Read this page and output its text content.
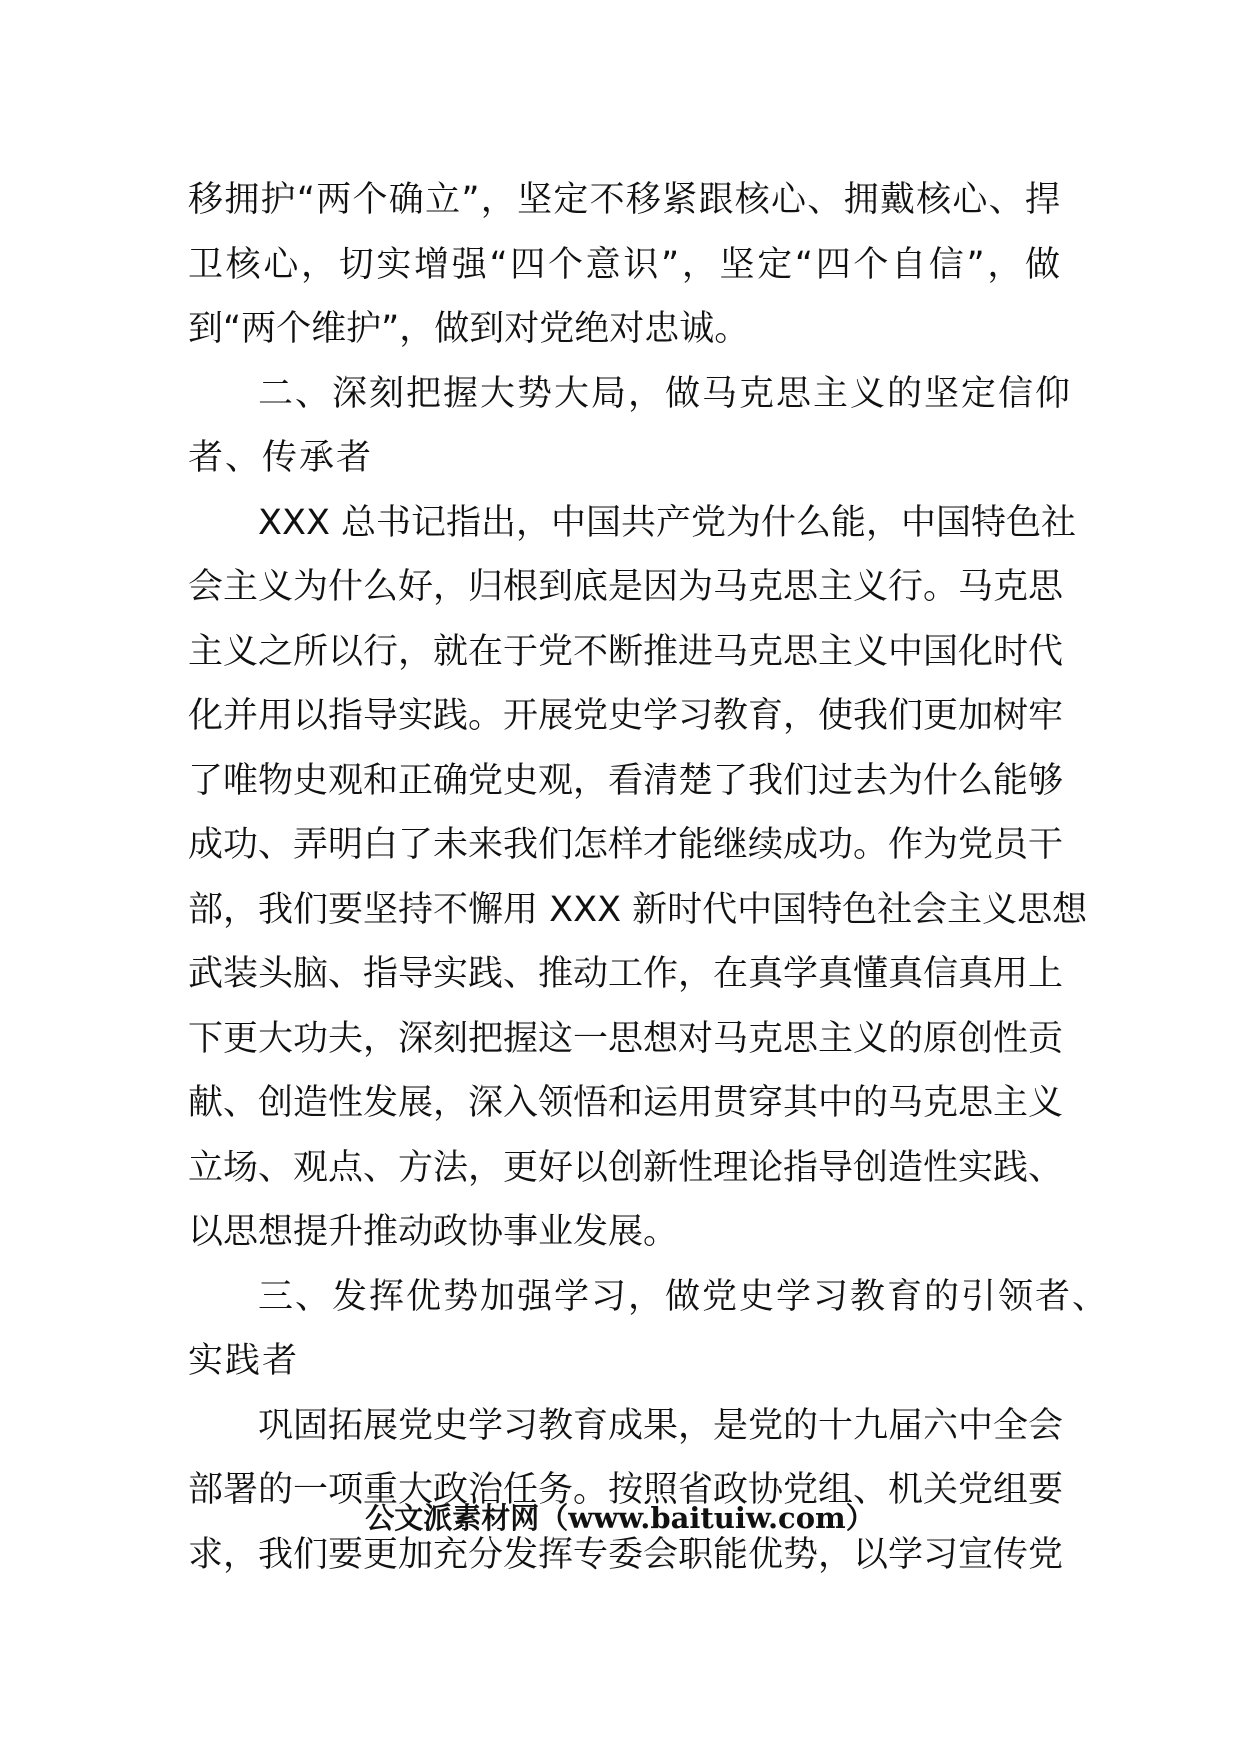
移拥护“两个确立”，坚定不移紧跟核心、拥戴核心、捍
卫核心，切实增强“四个意识”，坚定“四个自信”，做
到“两个维护”，做到对党绝对忠诚。
二、深刻把握大势大局，做马克思主义的坚定信仰
者、传承者
XXX 总书记指出，中国共产党为什么能，中国特色社
会主义为什么好，归根到底是因为马克思主义行。马克思
主义之所以行，就在于党不断推进马克思主义中国化时代
化并用以指导实践。开展党史学习教育，使我们更加树牢
了唯物史观和正确党史观，看清楚了我们过去为什么能够
成功、弄明白了未来我们怎样才能继续成功。作为党员干
部，我们要坚持不懈用 XXX 新时代中国特色社会主义思想
武装头脑、指导实践、推动工作，在真学真懂真信真用上
下更大功夫，深刻把握这一思想对马克思主义的原创性贡
献、创造性发展，深入领悟和运用贯穿其中的马克思主义
立场、观点、方法，更好以创新性理论指导创造性实践、
以思想提升推动政协事业发展。
三、发挥优势加强学习，做党史学习教育的引领者、
实践者
巩固拓展党史学习教育成果，是党的十九届六中全会
部署的一项重大政治任务。按照省政协党组、机关党组要
求，我们要更加充分发挥专委会职能优势，以学习宣传党
公文派素材网（www.baituiw.com）
